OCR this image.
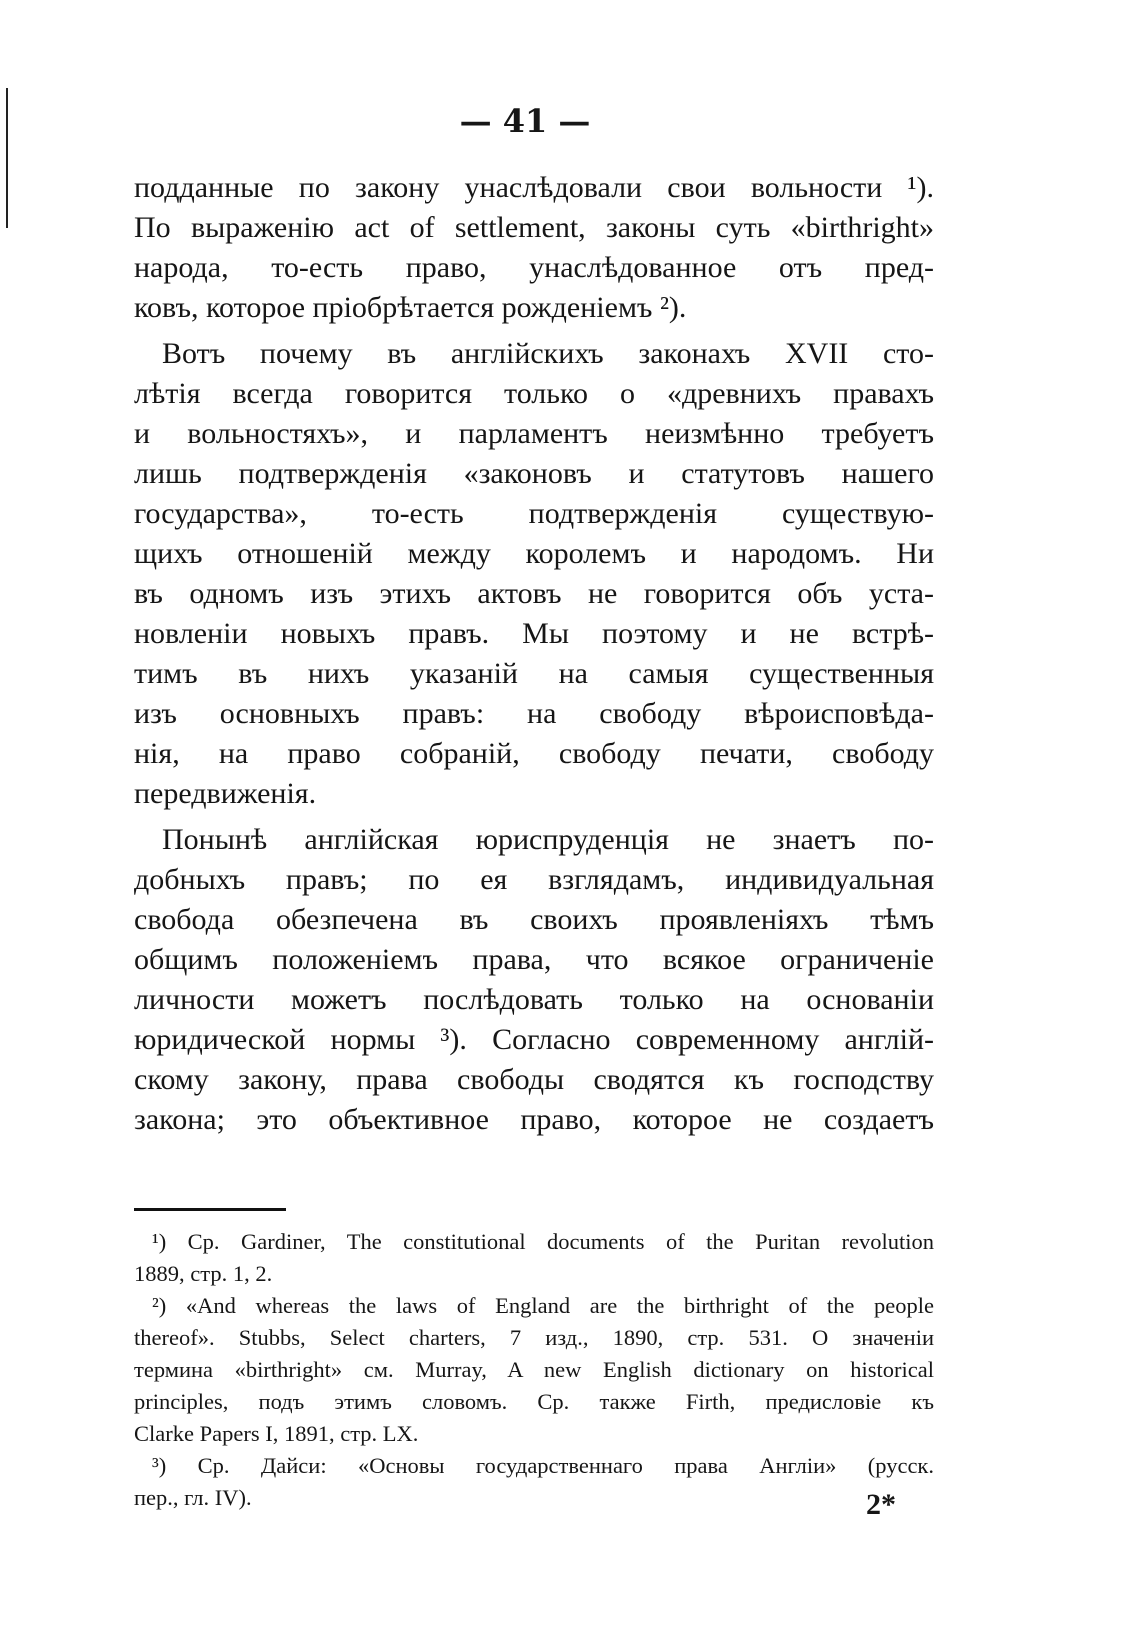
— 41 —

подданные по закону унаслѣдовали свои вольности ¹).
По выраженію act of settlement, законы суть «birthright»
народа, то-есть право, унаслѣдованное отъ пред-
ковъ, которое пріобрѣтается рожденіемъ ²).

Вотъ почему въ англійскихъ законахъ XVII сто-
лѣтія всегда говорится только о «древнихъ правахъ
и вольностяхъ», и парламентъ неизмѣнно требуетъ
лишь подтвержденія «законовъ и статутовъ нашего
государства», то-есть подтвержденія существую-
щихъ отношеній между королемъ и народомъ. Ни
въ одномъ изъ этихъ актовъ не говорится объ уста-
новленіи новыхъ правъ. Мы поэтому и не встрѣ-
тимъ въ нихъ указаній на самыя существенныя
изъ основныхъ правъ: на свободу вѣроисповѣда-
нія, на право собраній, свободу печати, свободу
передвиженія.

Понынѣ англійская юриспруденція не знаетъ по-
добныхъ правъ; по ея взглядамъ, индивидуальная
свобода обезпечена въ своихъ проявленіяхъ тѣмъ
общимъ положеніемъ права, что всякое ограниченіе
личности можетъ послѣдовать только на основаніи
юридической нормы ³). Согласно современному англій-
скому закону, права свободы сводятся къ господству
закона; это объективное право, которое не создаетъ

¹) Ср. Gardiner, The constitutional documents of the Puritan revolution
1889, стр. 1, 2.
²) «And whereas the laws of England are the birthright of the people
thereof». Stubbs, Select charters, 7 изд., 1890, стр. 531. О значеніи
термина «birthright» см. Murray, A new English dictionary on historical
principles, подъ этимъ словомъ. Ср. также Firth, предисловіе къ
Clarke Papers I, 1891, стр. LX.
³) Ср. Дайси: «Основы государственнаго права Англіи» (русск.
пер., гл. IV).	2*
